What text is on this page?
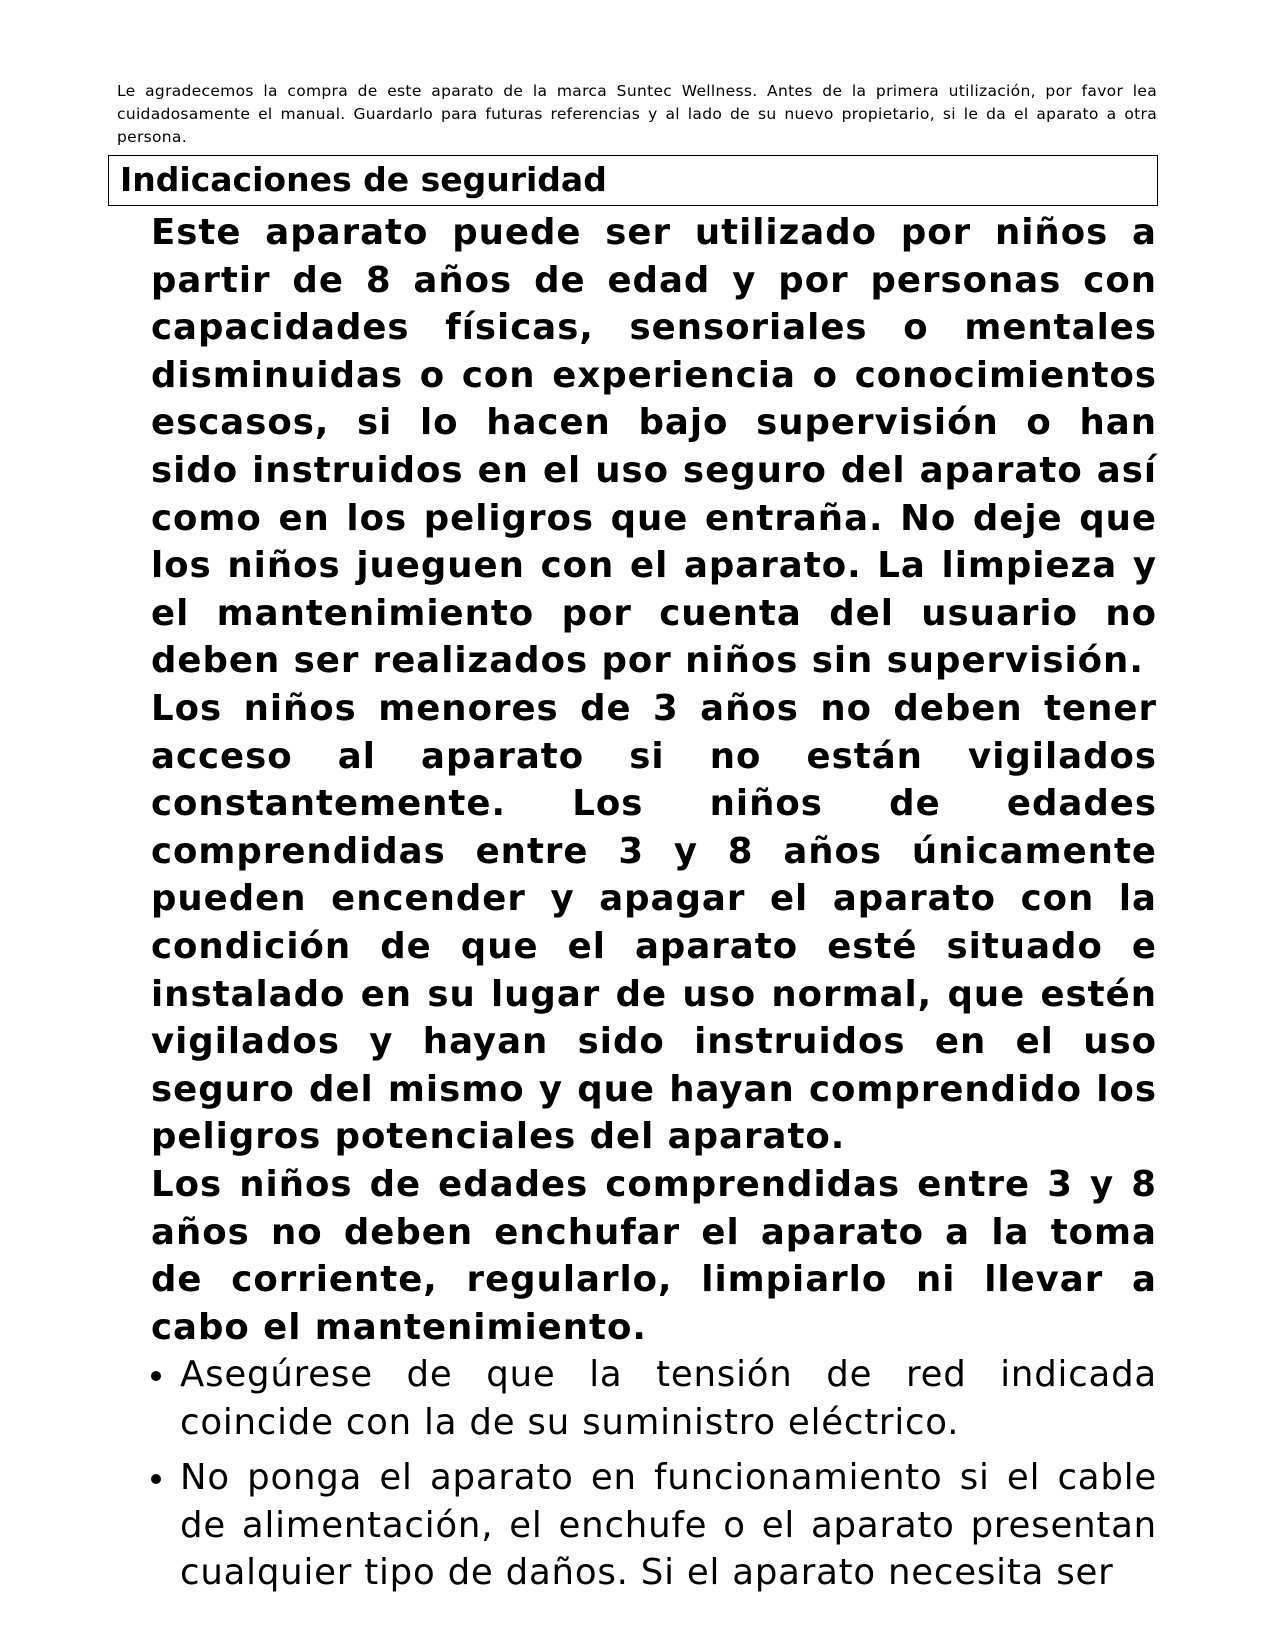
Le agradecemos la compra de este aparato de la marca Suntec Wellness. Antes de la primera utilización, por favor lea cuidadosamente el manual. Guardarlo para futuras referencias y al lado de su nuevo propietario, si le da el aparato a otra persona.

Indicaciones de seguridad

Este aparato puede ser utilizado por niños a partir de 8 años de edad y por personas con capacidades físicas, sensoriales o mentales disminuidas o con experiencia o conocimientos escasos, si lo hacen bajo supervisión o han sido instruidos en el uso seguro del aparato así como en los peligros que entraña. No deje que los niños jueguen con el aparato. La limpieza y el mantenimiento por cuenta del usuario no deben ser realizados por niños sin supervisión.

Los niños menores de 3 años no deben tener acceso al aparato si no están vigilados constantemente. Los niños de edades comprendidas entre 3 y 8 años únicamente pueden encender y apagar el aparato con la condición de que el aparato esté situado e instalado en su lugar de uso normal, que estén vigilados y hayan sido instruidos en el uso seguro del mismo y que hayan comprendido los peligros potenciales del aparato.

Los niños de edades comprendidas entre 3 y 8 años no deben enchufar el aparato a la toma de corriente, regularlo, limpiarlo ni llevar a cabo el mantenimiento.

Asegúrese de que la tensión de red indicada coincide con la de su suministro eléctrico.
No ponga el aparato en funcionamiento si el cable de alimentación, el enchufe o el aparato presentan cualquier tipo de daños. Si el aparato necesita ser
